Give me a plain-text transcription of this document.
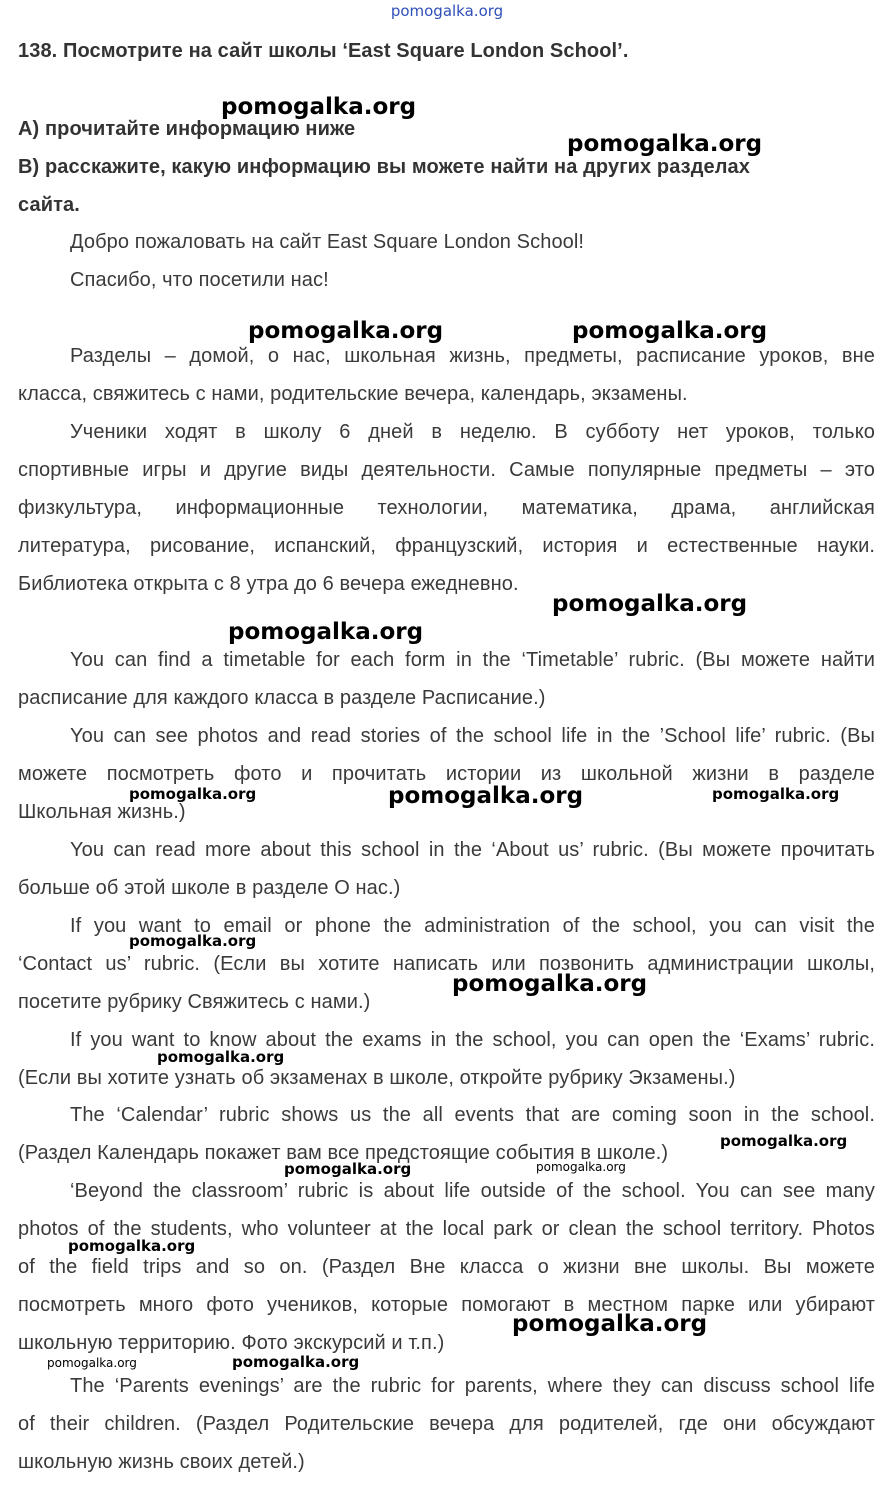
pomogalka.org
138. Посмотрите на сайт школы ‘East Square London School’.
A) прочитайте информацию ниже
B) расскажите, какую информацию вы можете найти на других разделах
сайта.
Добро пожаловать на сайт East Square London School!
Спасибо, что посетили нас!
Разделы – домой, о нас, школьная жизнь, предметы, расписание уроков, вне
класса, свяжитесь с нами, родительские вечера, календарь, экзамены.
Ученики ходят в школу 6 дней в неделю. В субботу нет уроков, только
спортивные игры и другие виды деятельности. Самые популярные предметы – это
физкультура, информационные технологии, математика, драма, английская
литература, рисование, испанский, французский, история и естественные науки.
Библиотека открыта с 8 утра до 6 вечера ежедневно.
You can find a timetable for each form in the ‘Timetable’ rubric. (Вы можете найти
расписание для каждого класса в разделе Расписание.)
You can see photos and read stories of the school life in the ’School life’ rubric. (Вы
можете посмотреть фото и прочитать истории из школьной жизни в разделе
Школьная жизнь.)
You can read more about this school in the ‘About us’ rubric. (Вы можете прочитать
больше об этой школе в разделе О нас.)
If you want to email or phone the administration of the school, you can visit the
‘Contact us’ rubric. (Если вы хотите написать или позвонить администрации школы,
посетите рубрику Свяжитесь с нами.)
If you want to know about the exams in the school, you can open the ‘Exams’ rubric.
(Если вы хотите узнать об экзаменах в школе, откройте рубрику Экзамены.)
The ‘Calendar’ rubric shows us the all events that are coming soon in the school.
(Раздел Календарь покажет вам все предстоящие события в школе.)
‘Beyond the classroom’ rubric is about life outside of the school. You can see many
photos of the students, who volunteer at the local park or clean the school territory. Photos
of the field trips and so on. (Раздел Вне класса о жизни вне школы. Вы можете
посмотреть много фото учеников, которые помогают в местном парке или убирают
школьную территорию. Фото экскурсий и т.п.)
The ‘Parents evenings’ are the rubric for parents, where they can discuss school life
of their children. (Раздел Родительские вечера для родителей, где они обсуждают
школьную жизнь своих детей.)
pomogalka.org
pomogalka.org
pomogalka.org	pomogalka.org
pomogalka.org
pomogalka.org
pomogalka.org	pomogalka.org	pomogalka.org
pomogalka.org
pomogalka.org
pomogalka.org
pomogalka.org
pomogalka.org	pomogalka.org
pomogalka.org
pomogalka.org
pomogalka.org	pomogalka.org
